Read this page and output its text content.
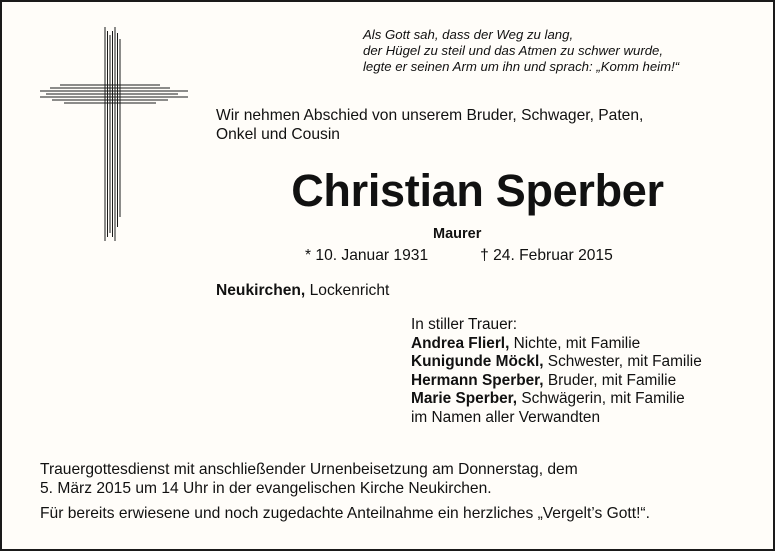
Als Gott sah, dass der Weg zu lang,
der Hügel zu steil und das Atmen zu schwer wurde,
legte er seinen Arm um ihn und sprach: „Komm heim!“
Wir nehmen Abschied von unserem Bruder, Schwager, Paten,
Onkel und Cousin
Christian Sperber
Maurer
* 10. Januar 1931	† 24. Februar 2015
Neukirchen, Lockenricht
In stiller Trauer:
Andrea Flierl, Nichte, mit Familie
Kunigunde Möckl, Schwester, mit Familie
Hermann Sperber, Bruder, mit Familie
Marie Sperber, Schwägerin, mit Familie
im Namen aller Verwandten
Trauergottesdienst mit anschließender Urnenbeisetzung am Donnerstag, dem
5. März 2015 um 14 Uhr in der evangelischen Kirche Neukirchen.
Für bereits erwiesene und noch zugedachte Anteilnahme ein herzliches „Vergelt’s Gott!“.
